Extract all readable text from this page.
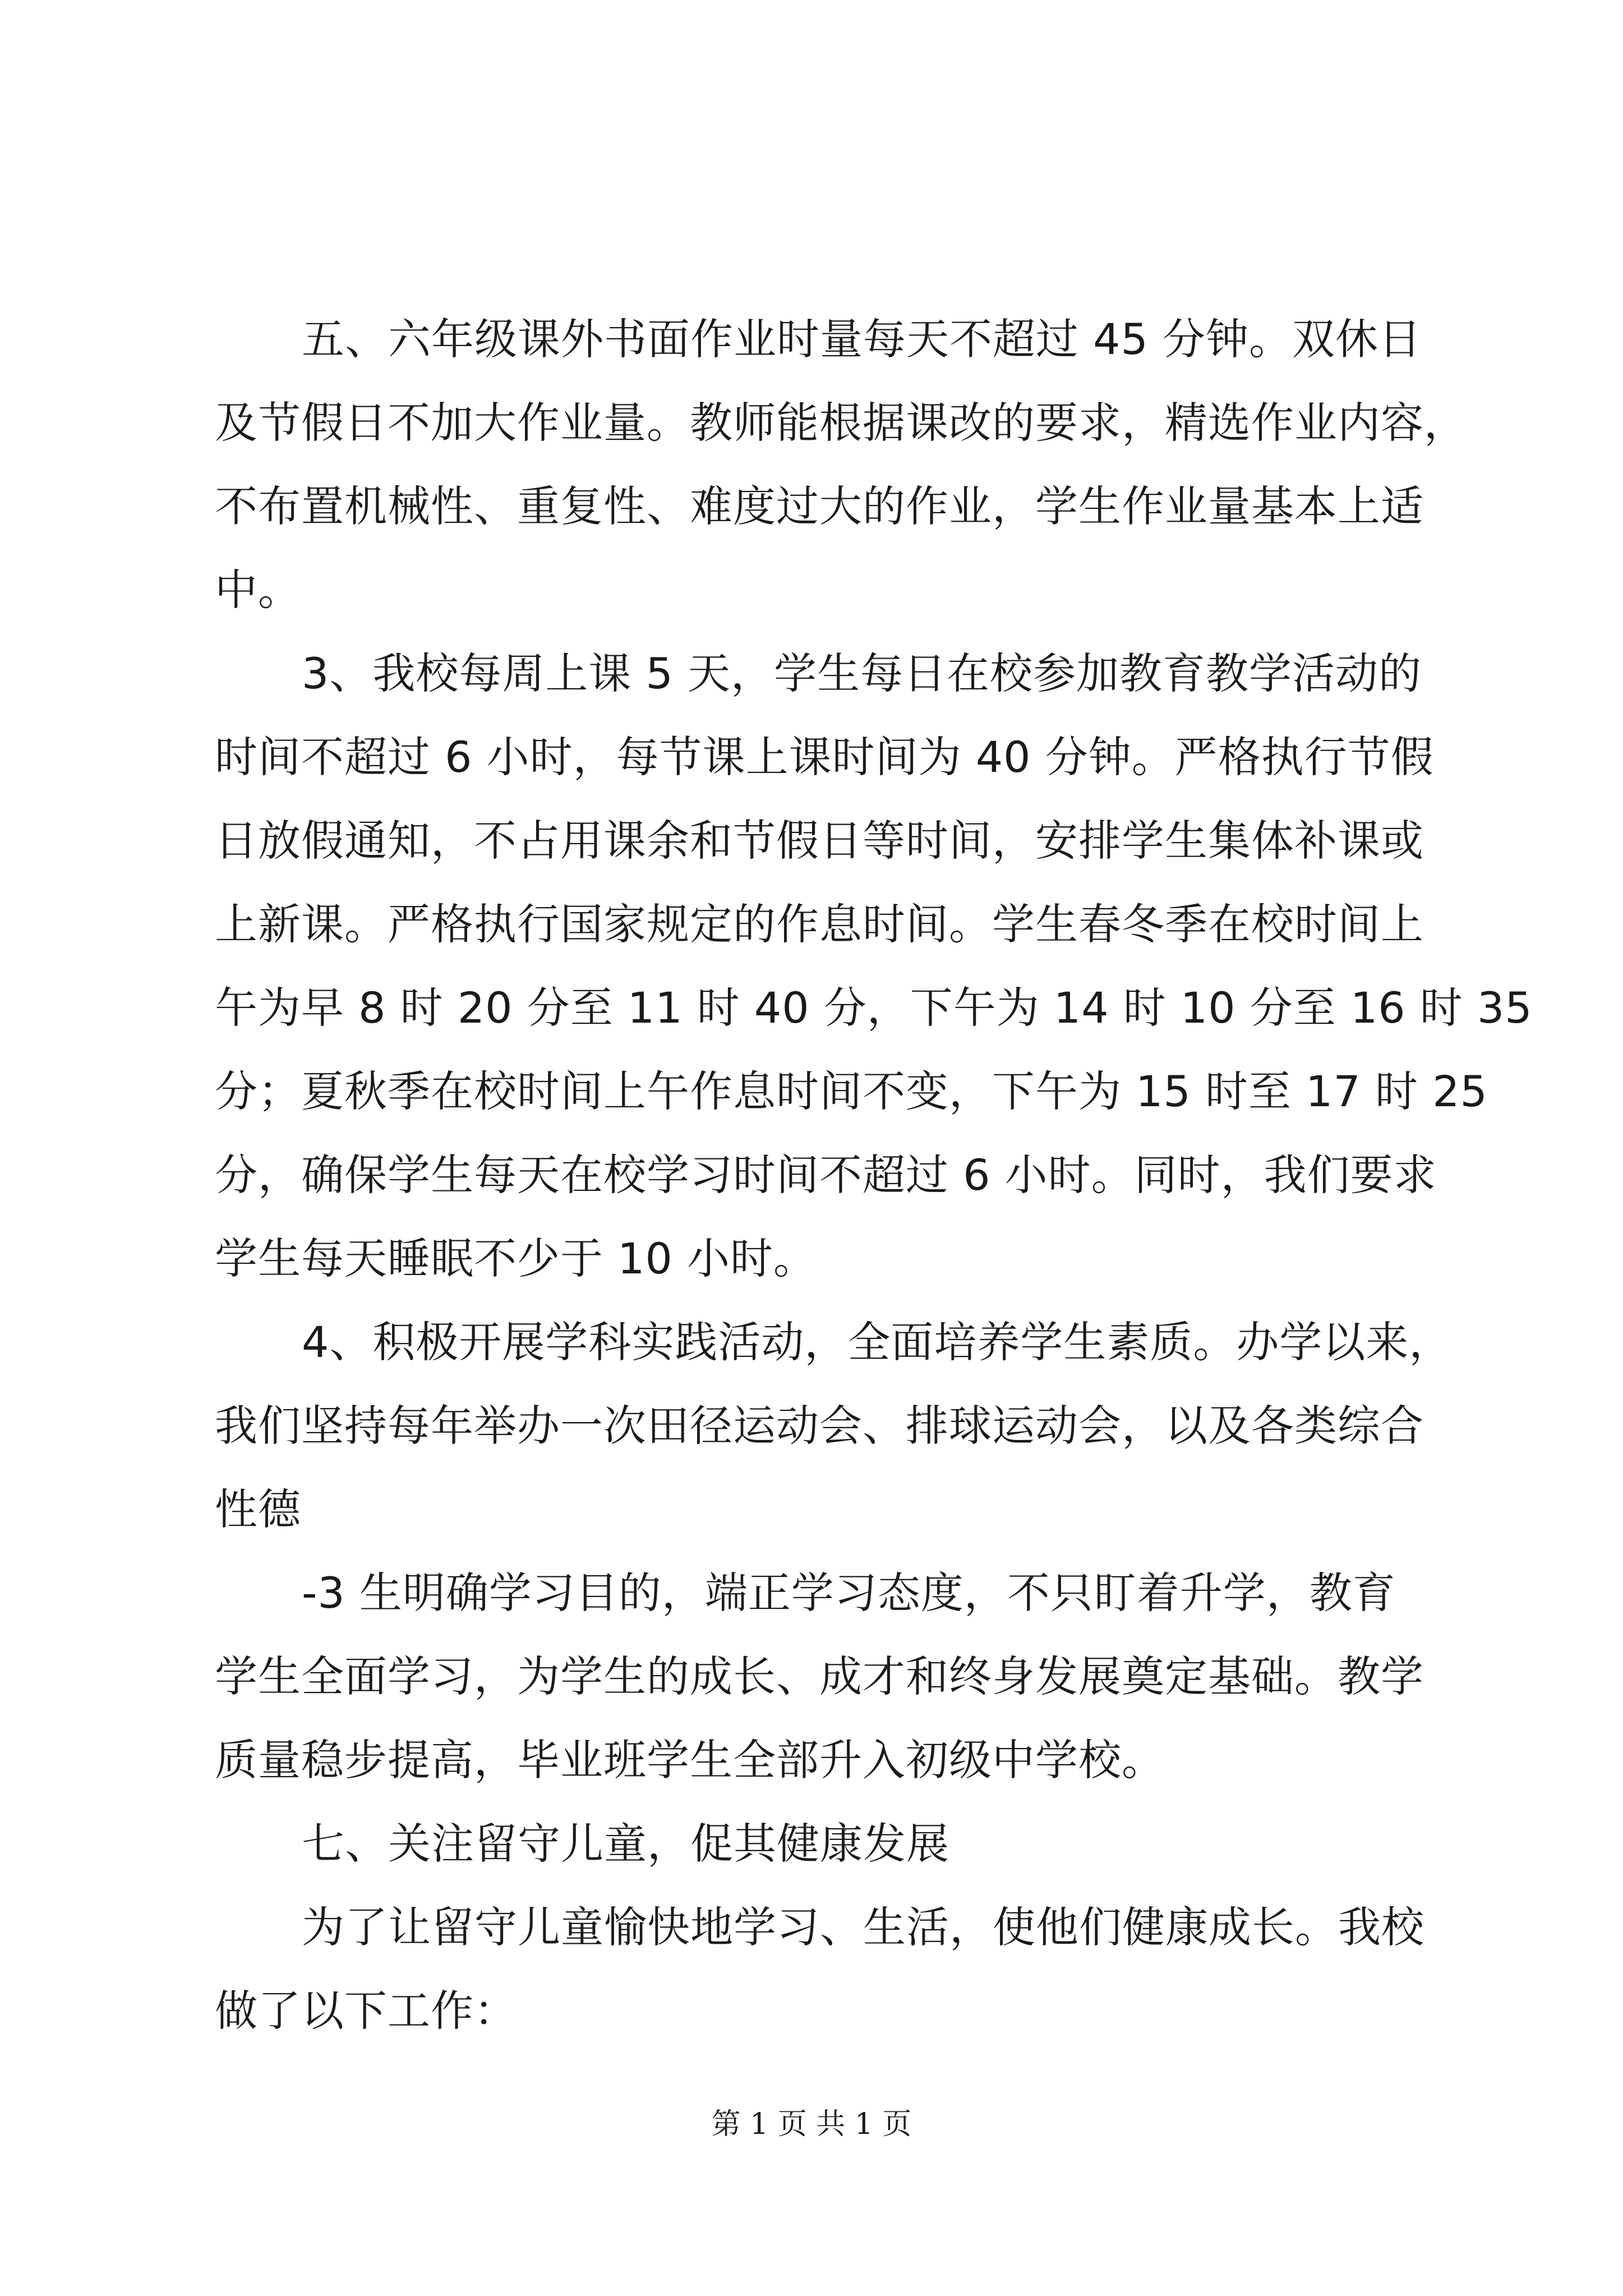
五、六年级课外书面作业时量每天不超过 45 分钟。双休日

及节假日不加大作业量。教师能根据课改的要求，精选作业内容，

不布置机械性、重复性、难度过大的作业，学生作业量基本上适

中。

3、我校每周上课 5 天，学生每日在校参加教育教学活动的

时间不超过 6 小时，每节课上课时间为 40 分钟。严格执行节假

日放假通知，不占用课余和节假日等时间，安排学生集体补课或

上新课。严格执行国家规定的作息时间。学生春冬季在校时间上

午为早 8 时 20 分至 11 时 40 分，下午为 14 时 10 分至 16 时 35

分；夏秋季在校时间上午作息时间不变，下午为 15 时至 17 时 25

分，确保学生每天在校学习时间不超过 6 小时。同时，我们要求

学生每天睡眠不少于 10 小时。

4、积极开展学科实践活动，全面培养学生素质。办学以来，

我们坚持每年举办一次田径运动会、排球运动会，以及各类综合

性德

-3 生明确学习目的，端正学习态度，不只盯着升学，教育

学生全面学习，为学生的成长、成才和终身发展奠定基础。教学

质量稳步提高，毕业班学生全部升入初级中学校。

七、关注留守儿童，促其健康发展

为了让留守儿童愉快地学习、生活，使他们健康成长。我校

做了以下工作：

第 1 页 共 1 页
